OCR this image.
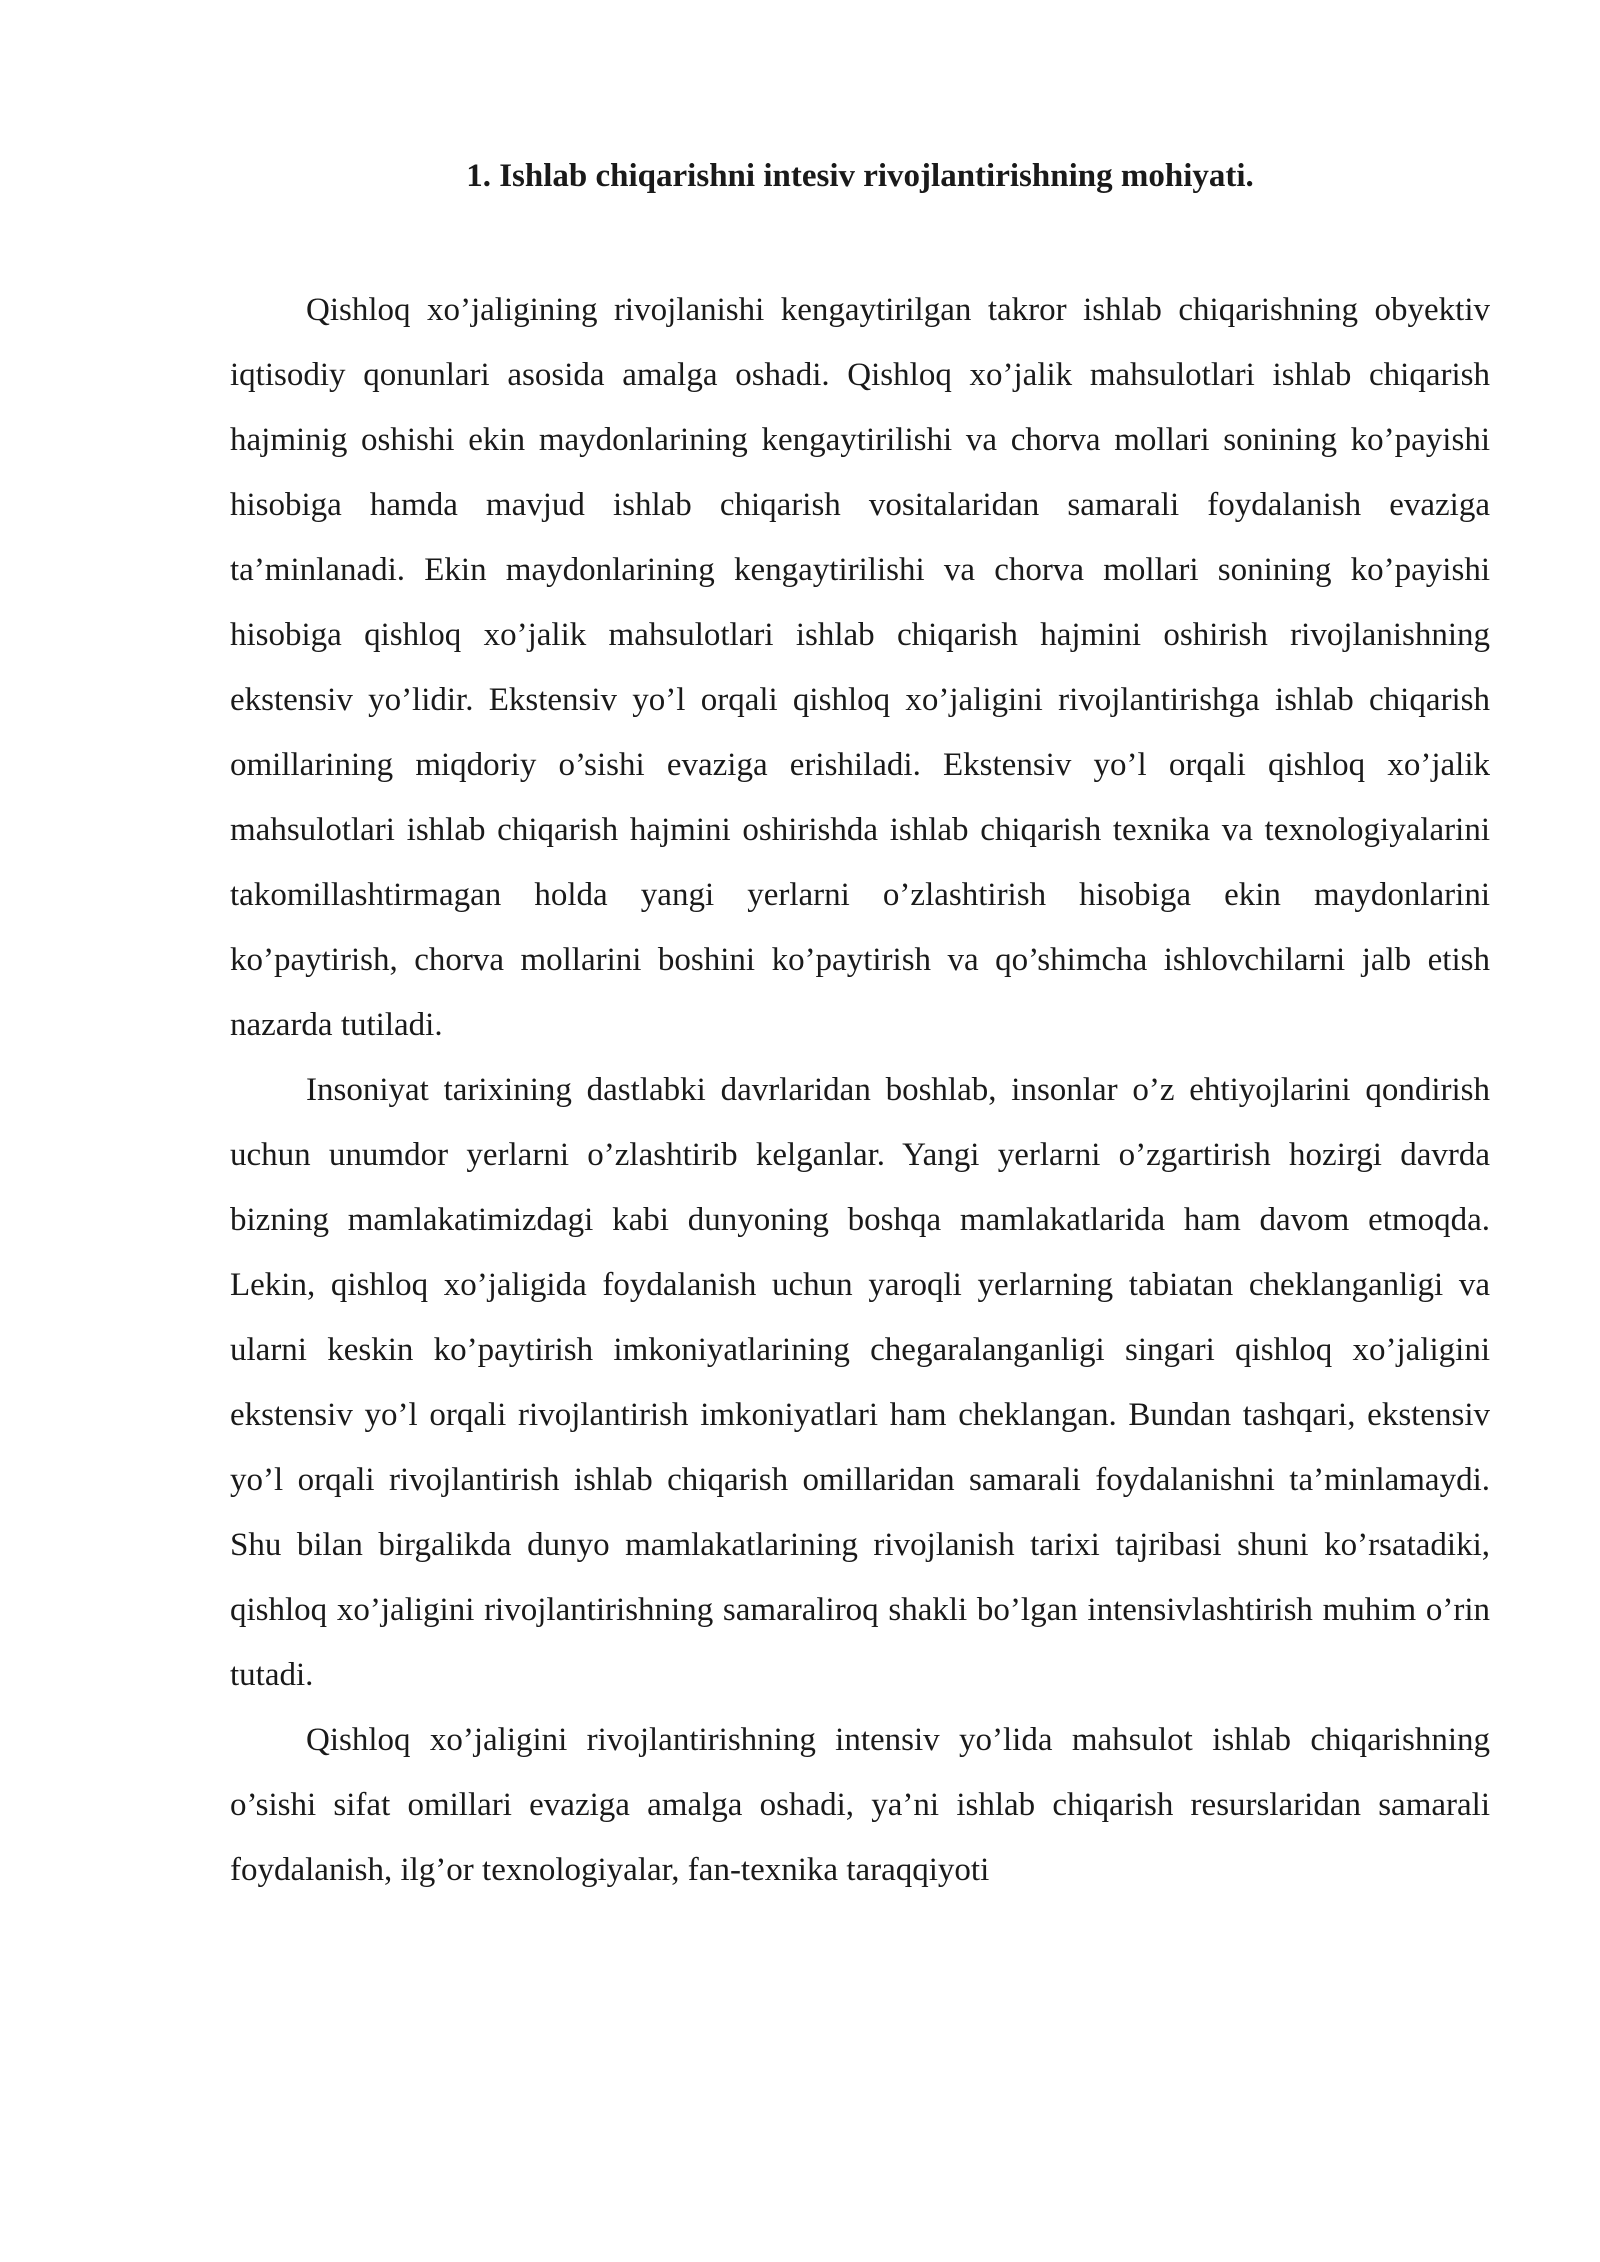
1. Ishlab chiqarishni intesiv rivojlantirishning mohiyati.

Qishloq xo’jaligining rivojlanishi kengaytirilgan takror ishlab chiqarishning obyektiv iqtisodiy qonunlari asosida amalga oshadi. Qishloq xo’jalik mahsulotlari ishlab chiqarish hajminig oshishi ekin maydonlarining kengaytirilishi va chorva mollari sonining ko’payishi hisobiga hamda mavjud ishlab chiqarish vositalaridan samarali foydalanish evaziga ta’minlanadi. Ekin maydonlarining kengaytirilishi va chorva mollari sonining ko’payishi hisobiga qishloq xo’jalik mahsulotlari ishlab chiqarish hajmini oshirish rivojlanishning ekstensiv yo’lidir. Ekstensiv yo’l orqali qishloq xo’jaligini rivojlantirishga ishlab chiqarish omillarining miqdoriy o’sishi evaziga erishiladi. Ekstensiv yo’l orqali qishloq xo’jalik mahsulotlari ishlab chiqarish hajmini oshirishda ishlab chiqarish texnika va texnologiyalarini takomillashtirmagan holda yangi yerlarni o’zlashtirish hisobiga ekin maydonlarini ko’paytirish, chorva mollarini boshini ko’paytirish va qo’shimcha ishlovchilarni jalb etish nazarda tutiladi.

Insoniyat tarixining dastlabki davrlaridan boshlab, insonlar o’z ehtiyojlarini qondirish uchun unumdor yerlarni o’zlashtirib kelganlar. Yangi yerlarni o’zgartirish hozirgi davrda bizning mamlakatimizdagi kabi dunyoning boshqa mamlakatlarida ham davom etmoqda. Lekin, qishloq xo’jaligida foydalanish uchun yaroqli yerlarning tabiatan cheklanganligi va ularni keskin ko’paytirish imkoniyatlarining chegaralanganligi singari qishloq xo’jaligini ekstensiv yo’l orqali rivojlantirish imkoniyatlari ham cheklangan. Bundan tashqari, ekstensiv yo’l orqali rivojlantirish ishlab chiqarish omillaridan samarali foydalanishni ta’minlamaydi. Shu bilan birgalikda dunyo mamlakatlarining rivojlanish tarixi tajribasi shuni ko’rsatadiki, qishloq xo’jaligini rivojlantirishning samaraliroq shakli bo’lgan intensivlashtirish muhim o’rin tutadi.

Qishloq xo’jaligini rivojlantirishning intensiv yo’lida mahsulot ishlab chiqarishning o’sishi sifat omillari evaziga amalga oshadi, ya’ni ishlab chiqarish resurslaridan samarali foydalanish, ilg’or texnologiyalar, fan-texnika taraqqiyoti
